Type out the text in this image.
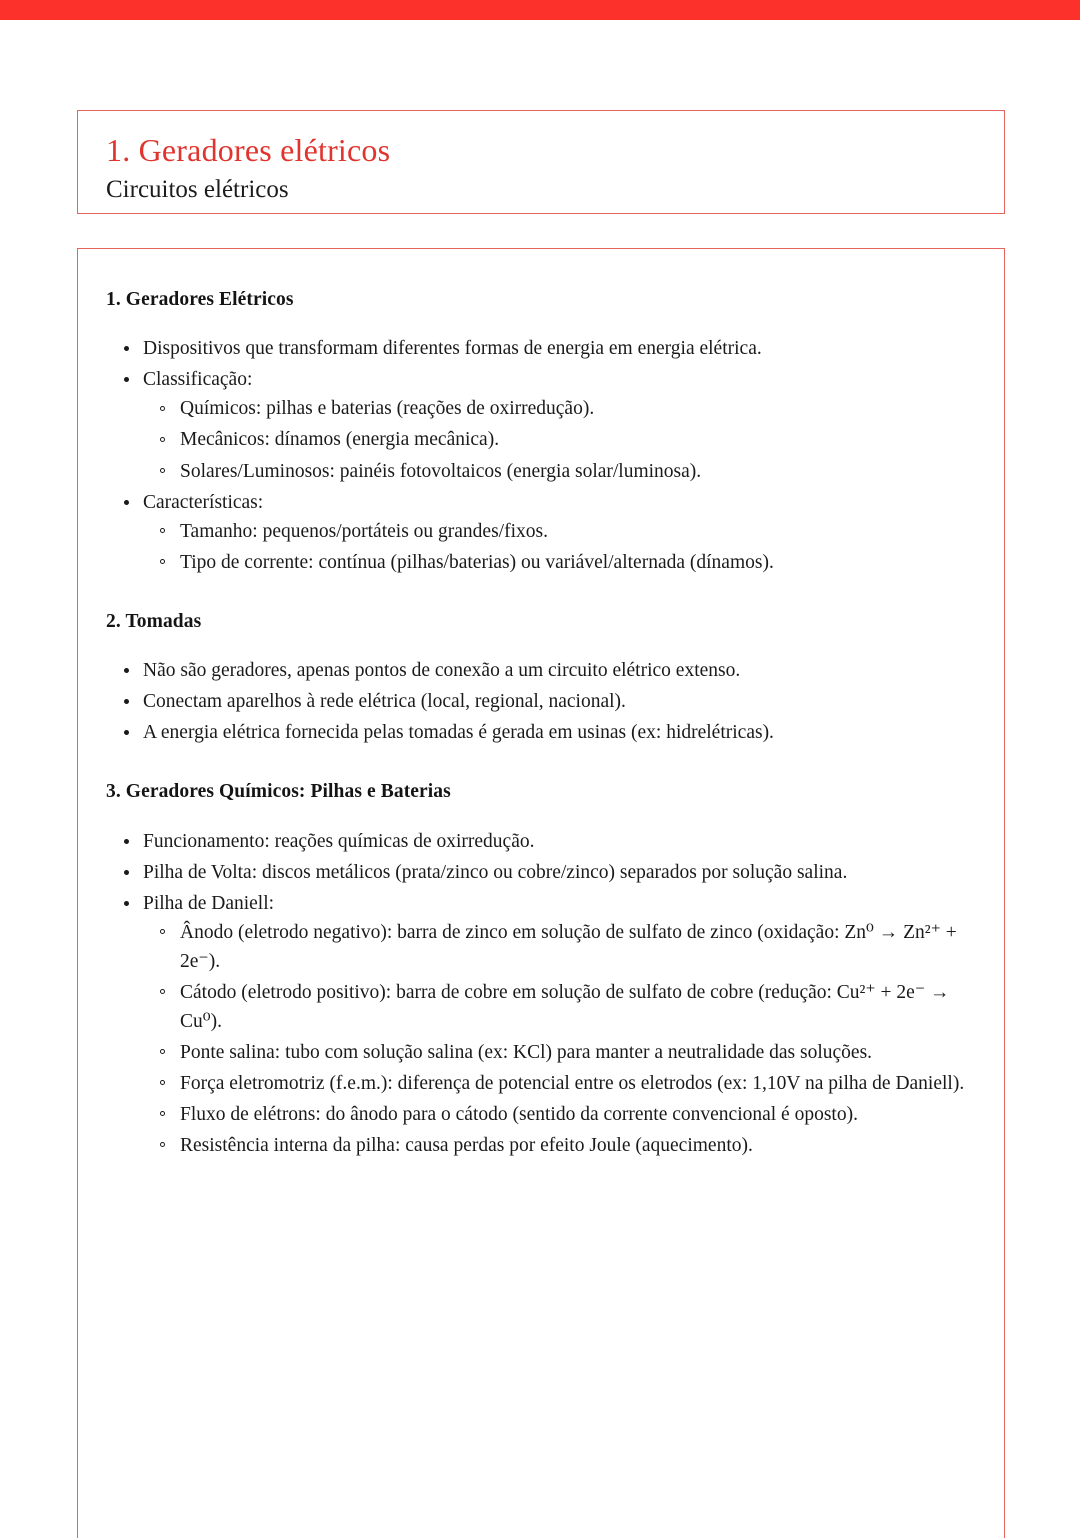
1. Geradores elétricos
Circuitos elétricos
1. Geradores Elétricos
Dispositivos que transformam diferentes formas de energia em energia elétrica.
Classificação:
Químicos: pilhas e baterias (reações de oxirredução).
Mecânicos: dínamos (energia mecânica).
Solares/Luminosos: painéis fotovoltaicos (energia solar/luminosa).
Características:
Tamanho: pequenos/portáteis ou grandes/fixos.
Tipo de corrente: contínua (pilhas/baterias) ou variável/alternada (dínamos).
2. Tomadas
Não são geradores, apenas pontos de conexão a um circuito elétrico extenso.
Conectam aparelhos à rede elétrica (local, regional, nacional).
A energia elétrica fornecida pelas tomadas é gerada em usinas (ex: hidrelétricas).
3. Geradores Químicos: Pilhas e Baterias
Funcionamento: reações químicas de oxirredução.
Pilha de Volta: discos metálicos (prata/zinco ou cobre/zinco) separados por solução salina.
Pilha de Daniell:
Ânodo (eletrodo negativo): barra de zinco em solução de sulfato de zinco (oxidação: Zn⁰ → Zn²⁺ + 2e⁻).
Cátodo (eletrodo positivo): barra de cobre em solução de sulfato de cobre (redução: Cu²⁺ + 2e⁻ → Cu⁰).
Ponte salina: tubo com solução salina (ex: KCl) para manter a neutralidade das soluções.
Força eletromotriz (f.e.m.): diferença de potencial entre os eletrodos (ex: 1,10V na pilha de Daniell).
Fluxo de elétrons: do ânodo para o cátodo (sentido da corrente convencional é oposto).
Resistência interna da pilha: causa perdas por efeito Joule (aquecimento).
